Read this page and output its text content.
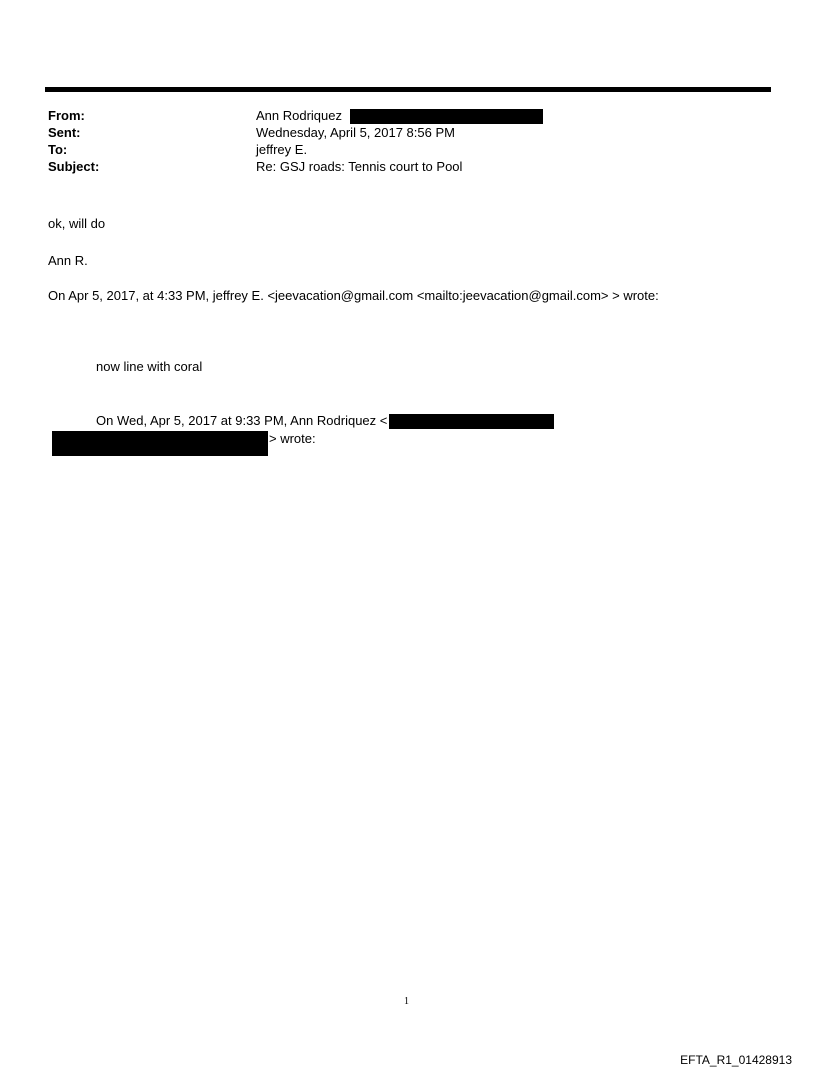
From:	Ann Rodriquez
Sent:	Wednesday, April 5, 2017 8:56 PM
To:	jeffrey E.
Subject:	Re: GSJ roads: Tennis court to Pool
ok, will do
Ann R.
On Apr 5, 2017, at 4:33 PM, jeffrey E. <jeevacation@gmail.com <mailto:jeevacation@gmail.com> > wrote:
now line with coral
On Wed, Apr 5, 2017 at 9:33 PM, Ann Rodriquez <
> wrote:
1
EFTA_R1_01428913
